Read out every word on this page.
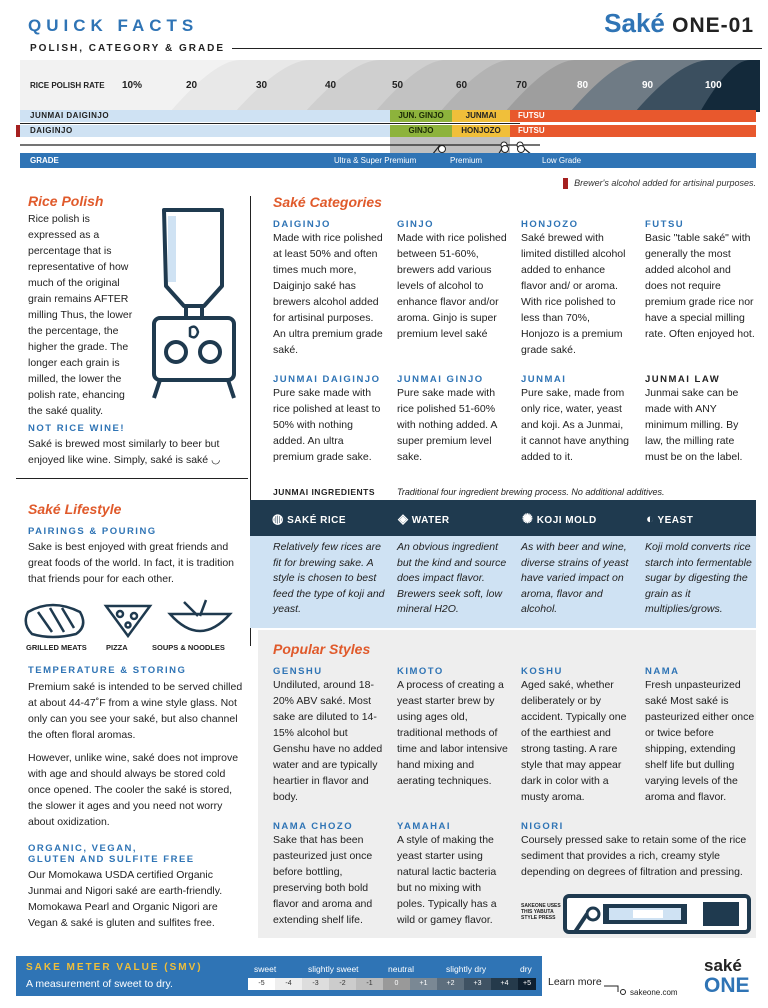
QUICK FACTS
POLISH, CATEGORY & GRADE
Saké ONE-01
RICE POLISH RATE 10%	20	30	40	50	60	70	80	90	100
JUNMAI DAIGINJO	JUN. GINJO	JUNMAI	FUTSU
DAIGINJO	GINJO	HONJOZO	FUTSU
GRADE	Ultra & Super Premium	Premium	Low Grade
Brewer's alcohol added for artisinal purposes.
Rice Polish
Rice polish is expressed as a percentage that is representative of how much of the original grain remains AFTER milling Thus, the lower the percentage, the higher the grade. The longer each grain is milled, the lower the polish rate, ehancing the saké quality.
NOT RICE WINE!
Saké is brewed most similarly to beer but enjoyed like wine. Simply, saké is saké ◡
Saké Categories
DAIGINJO
Made with rice polished at least 50% and often times much more, Daiginjo saké has brewers alcohol added for artisinal purposes. An ultra premium grade saké.
GINJO
Made with rice polished between 51-60%, brewers add various levels of alcohol to enhance flavor and/or aroma. Ginjo is super premium level saké
HONJOZO
Saké brewed with limited distilled alcohol added to enhance flavor and/ or aroma. With rice polished to less than 70%, Honjozo is a premium grade saké.
FUTSU
Basic "table saké" with generally the most added alcohol and does not require premium grade rice nor have a special milling rate. Often enjoyed hot.
JUNMAI DAIGINJO
Pure sake made with rice polished at least to 50% with nothing added. An ultra premium grade sake.
JUNMAI GINJO
Pure sake made with rice polished 51-60% with nothing added. A super premium level sake.
JUNMAI
Pure sake, made from only rice, water, yeast and koji. As a Junmai, it cannot have anything added to it.
JUNMAI LAW
Junmai sake can be made with ANY minimum milling. By law, the milling rate must be on the label.
JUNMAI INGREDIENTS Traditional four ingredient brewing process. No additional additives.
◍ SAKÉ RICE	◈ WATER	✺ KOJI MOLD	◐ YEAST
Relatively few rices are fit for brewing sake. A style is chosen to best feed the type of koji and yeast.
An obvious ingredient but the kind and source does impact flavor. Brewers seek soft, low mineral H2O.
As with beer and wine, diverse strains of yeast have varied impact on aroma, flavor and alcohol.
Koji mold converts rice starch into fermentable sugar by digesting the grain as it multiplies/grows.
Saké Lifestyle
PAIRINGS & POURING
Sake is best enjoyed with great friends and great foods of the world. In fact, it is tradition that friends pour for each other.
GRILLED MEATS	PIZZA	SOUPS & NOODLES
TEMPERATURE & STORING
Premium saké is intended to be served chilled at about 44-47˚F from a wine style glass. Not only can you see your saké, but also channel the often floral aromas.
However, unlike wine, saké does not improve with age and should always be stored cold once opened. The cooler the saké is stored, the slower it ages and you need not worry about oxidization.
ORGANIC, VEGAN,
GLUTEN AND SULFITE FREE
Our Momokawa USDA certified Organic Junmai and Nigori saké are earth-friendly. Momokawa Pearl and Organic Nigori are Vegan & saké is gluten and sulfites free.
Popular Styles
GENSHU
Undiluted, around 18-20% ABV saké. Most sake are diluted to 14-15% alcohol but Genshu have no added water and are typically heartier in flavor and body.
KIMOTO
A process of creating a yeast starter brew by using ages old, traditional methods of time and labor intensive hand mixing and aerating techniques.
KOSHU
Aged saké, whether deliberately or by accident. Typically one of the earthiest and strong tasting. A rare style that may appear dark in color with a musty aroma.
NAMA
Fresh unpasteurized saké Most saké is pasteurized either once or twice before shipping, extending shelf life but dulling varying levels of the aroma and flavor.
NAMA CHOZO
Sake that has been pasteurized just once before bottling, preserving both bold flavor and aroma and extending shelf life.
YAMAHAI
A style of making the yeast starter using natural lactic bacteria but no mixing with poles. Typically has a wild or gamey flavor.
NIGORI
Coursely pressed sake to retain some of the rice sediment that provides a rich, creamy style depending on degrees of filtration and pressing.
SAKEONE USES THIS YABUTA STYLE PRESS
SAKE METER VALUE (SMV)
A measurement of sweet to dry.
sweet	slightly sweet	neutral	slightly dry	dry
-5	-4	-3	-2	-1	0	+1	+2	+3	+4	+5	Learn more
sakeone.com
saké
ONE
